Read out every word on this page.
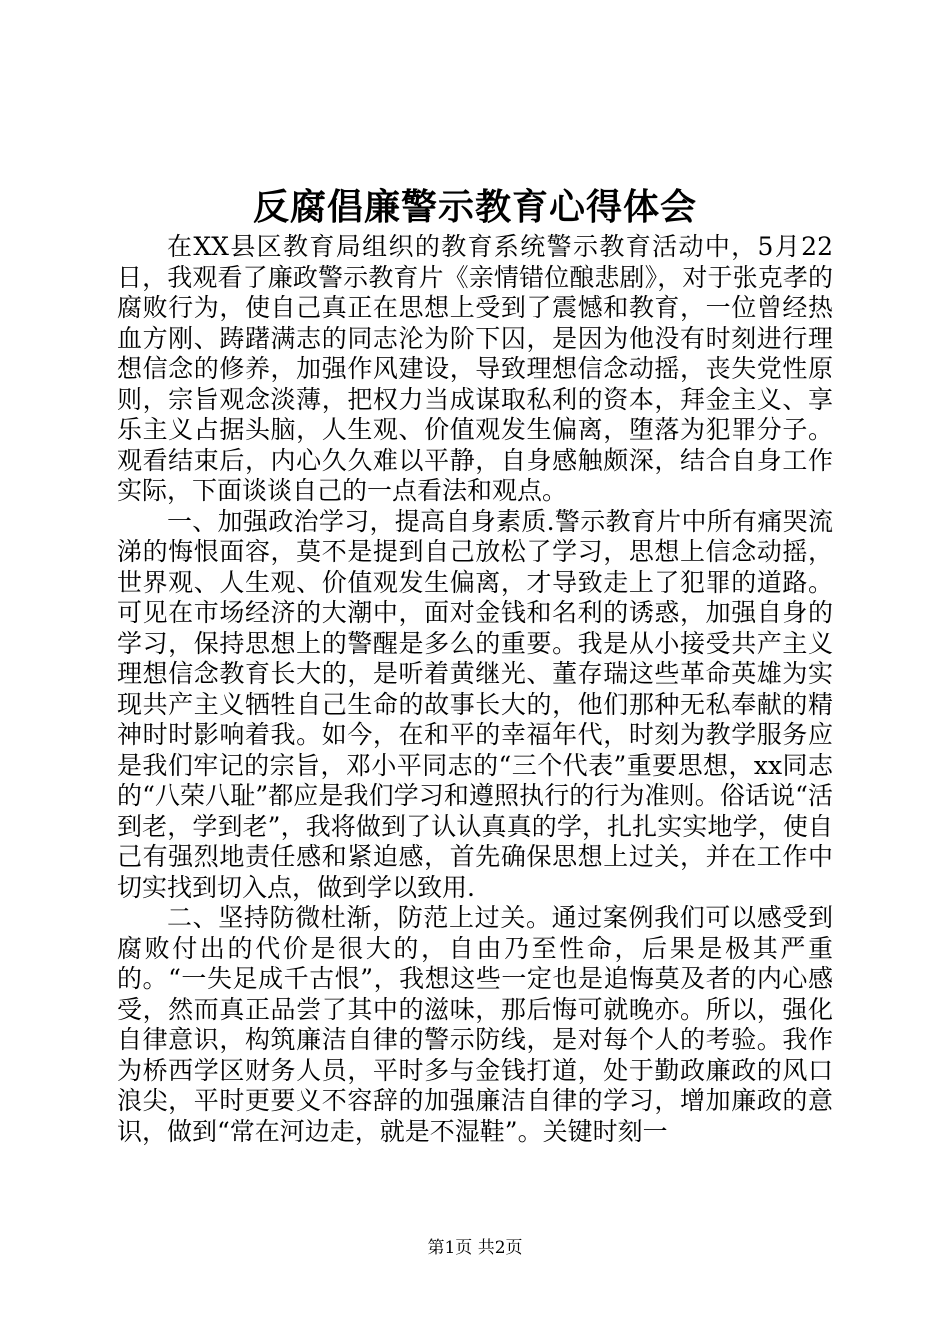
反腐倡廉警示教育心得体会

在XX县区教育局组织的教育系统警示教育活动中，5月22日，我观看了廉政警示教育片《亲情错位酿悲剧》，对于张克孝的腐败行为，使自己真正在思想上受到了震憾和教育，一位曾经热血方刚、踌躇满志的同志沦为阶下囚，是因为他没有时刻进行理想信念的修养，加强作风建设，导致理想信念动摇，丧失党性原则，宗旨观念淡薄，把权力当成谋取私利的资本，拜金主义、享乐主义占据头脑，人生观、价值观发生偏离，堕落为犯罪分子。观看结束后，内心久久难以平静，自身感触颇深，结合自身工作实际，下面谈谈自己的一点看法和观点。

一、加强政治学习，提高自身素质.警示教育片中所有痛哭流涕的悔恨面容，莫不是提到自己放松了学习，思想上信念动摇，世界观、人生观、价值观发生偏离，才导致走上了犯罪的道路。可见在市场经济的大潮中，面对金钱和名利的诱惑，加强自身的学习，保持思想上的警醒是多么的重要。我是从小接受共产主义理想信念教育长大的，是听着黄继光、董存瑞这些革命英雄为实现共产主义牺牲自己生命的故事长大的，他们那种无私奉献的精神时时影响着我。如今，在和平的幸福年代，时刻为教学服务应是我们牢记的宗旨，邓小平同志的“三个代表”重要思想，xx同志的“八荣八耻”都应是我们学习和遵照执行的行为准则。俗话说“活到老，学到老”，我将做到了认认真真的学，扎扎实实地学，使自己有强烈地责任感和紧迫感，首先确保思想上过关，并在工作中切实找到切入点，做到学以致用.

二、坚持防微杜渐，防范上过关。通过案例我们可以感受到腐败付出的代价是很大的，自由乃至性命，后果是极其严重的。“一失足成千古恨”，我想这些一定也是追悔莫及者的内心感受，然而真正品尝了其中的滋味，那后悔可就晚亦。所以，强化自律意识，构筑廉洁自律的警示防线，是对每个人的考验。我作为桥西学区财务人员，平时多与金钱打道，处于勤政廉政的风口浪尖，平时更要义不容辞的加强廉洁自律的学习，增加廉政的意识，做到“常在河边走，就是不湿鞋”。关键时刻一

第1页 共2页
